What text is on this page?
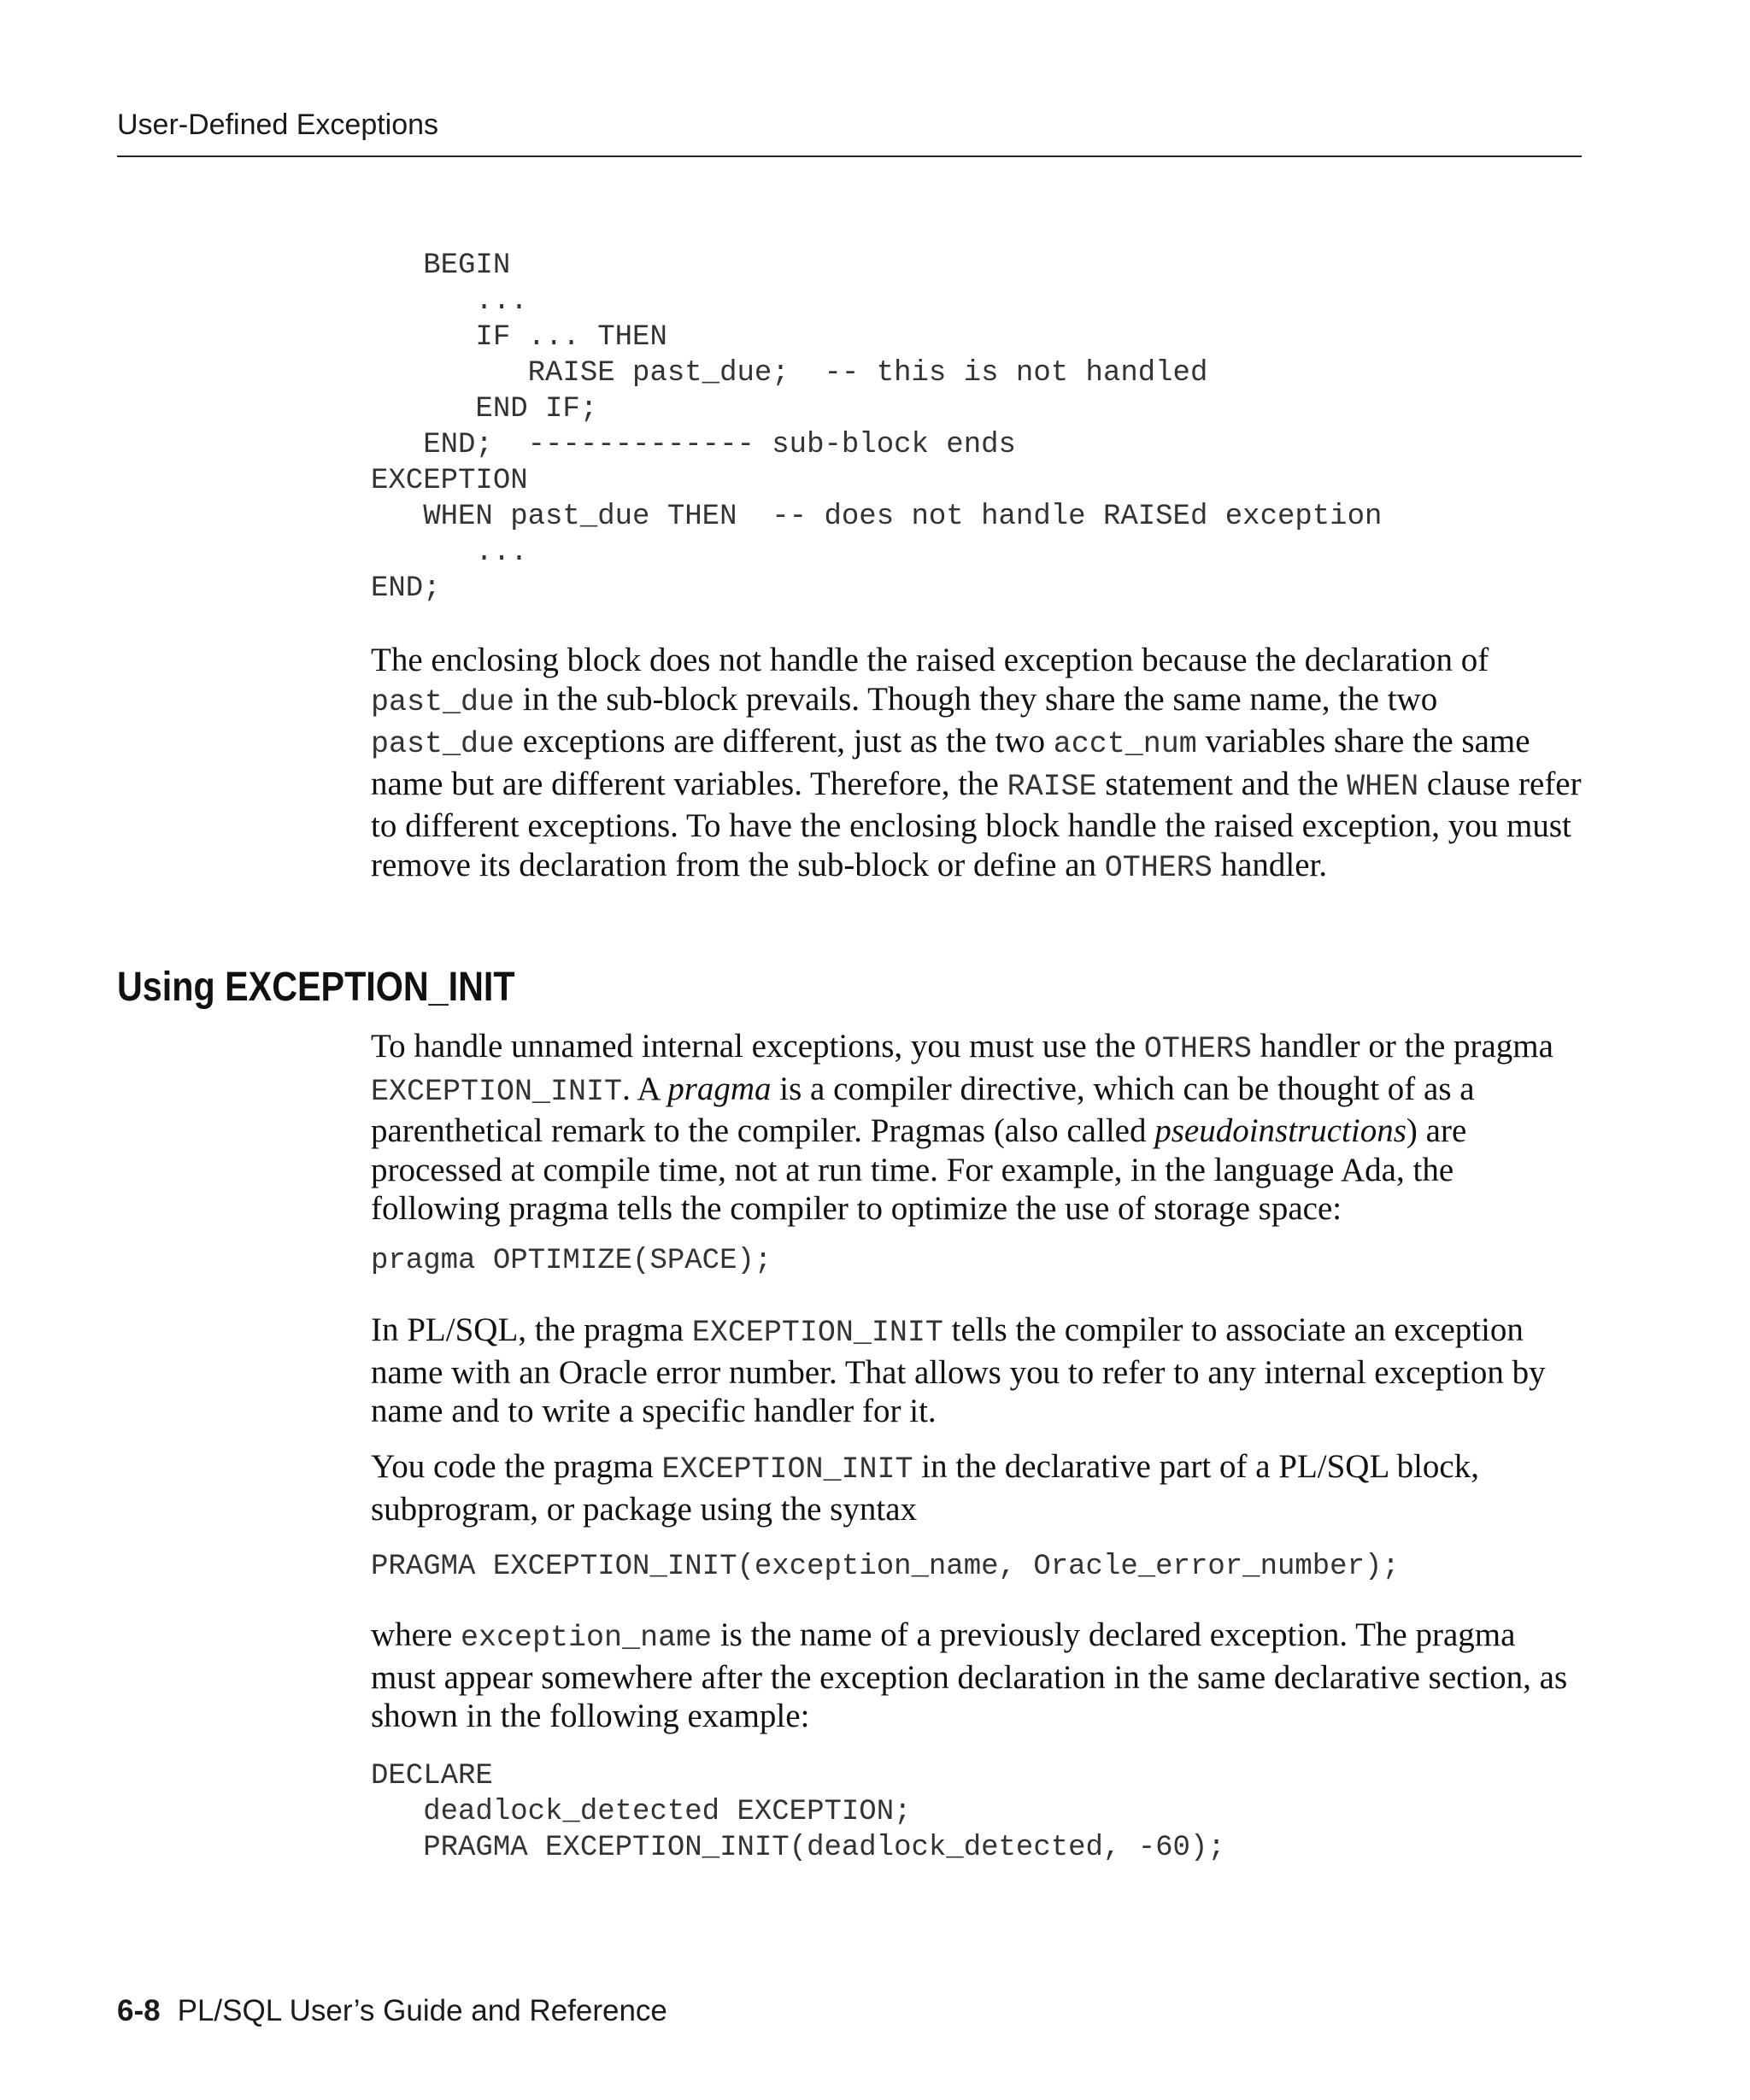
User-Defined Exceptions
BEGIN
...
IF ... THEN
RAISE past_due;  -- this is not handled
END IF;
END;  ------------- sub-block ends
EXCEPTION
WHEN past_due THEN  -- does not handle RAISEd exception
...
END;

The enclosing block does not handle the raised exception because the declaration of past_due in the sub-block prevails. Though they share the same name, the two past_due exceptions are different, just as the two acct_num variables share the same name but are different variables. Therefore, the RAISE statement and the WHEN clause refer to different exceptions. To have the enclosing block handle the raised exception, you must remove its declaration from the sub-block or define an OTHERS handler.

Using EXCEPTION_INIT

To handle unnamed internal exceptions, you must use the OTHERS handler or the pragma EXCEPTION_INIT. A pragma is a compiler directive, which can be thought of as a parenthetical remark to the compiler. Pragmas (also called pseudoinstructions) are processed at compile time, not at run time. For example, in the language Ada, the following pragma tells the compiler to optimize the use of storage space:

pragma OPTIMIZE(SPACE);

In PL/SQL, the pragma EXCEPTION_INIT tells the compiler to associate an exception name with an Oracle error number. That allows you to refer to any internal exception by name and to write a specific handler for it.

You code the pragma EXCEPTION_INIT in the declarative part of a PL/SQL block, subprogram, or package using the syntax

PRAGMA EXCEPTION_INIT(exception_name, Oracle_error_number);

where exception_name is the name of a previously declared exception. The pragma must appear somewhere after the exception declaration in the same declarative section, as shown in the following example:

DECLARE
deadlock_detected EXCEPTION;
PRAGMA EXCEPTION_INIT(deadlock_detected, -60);
6-8 PL/SQL User’s Guide and Reference
